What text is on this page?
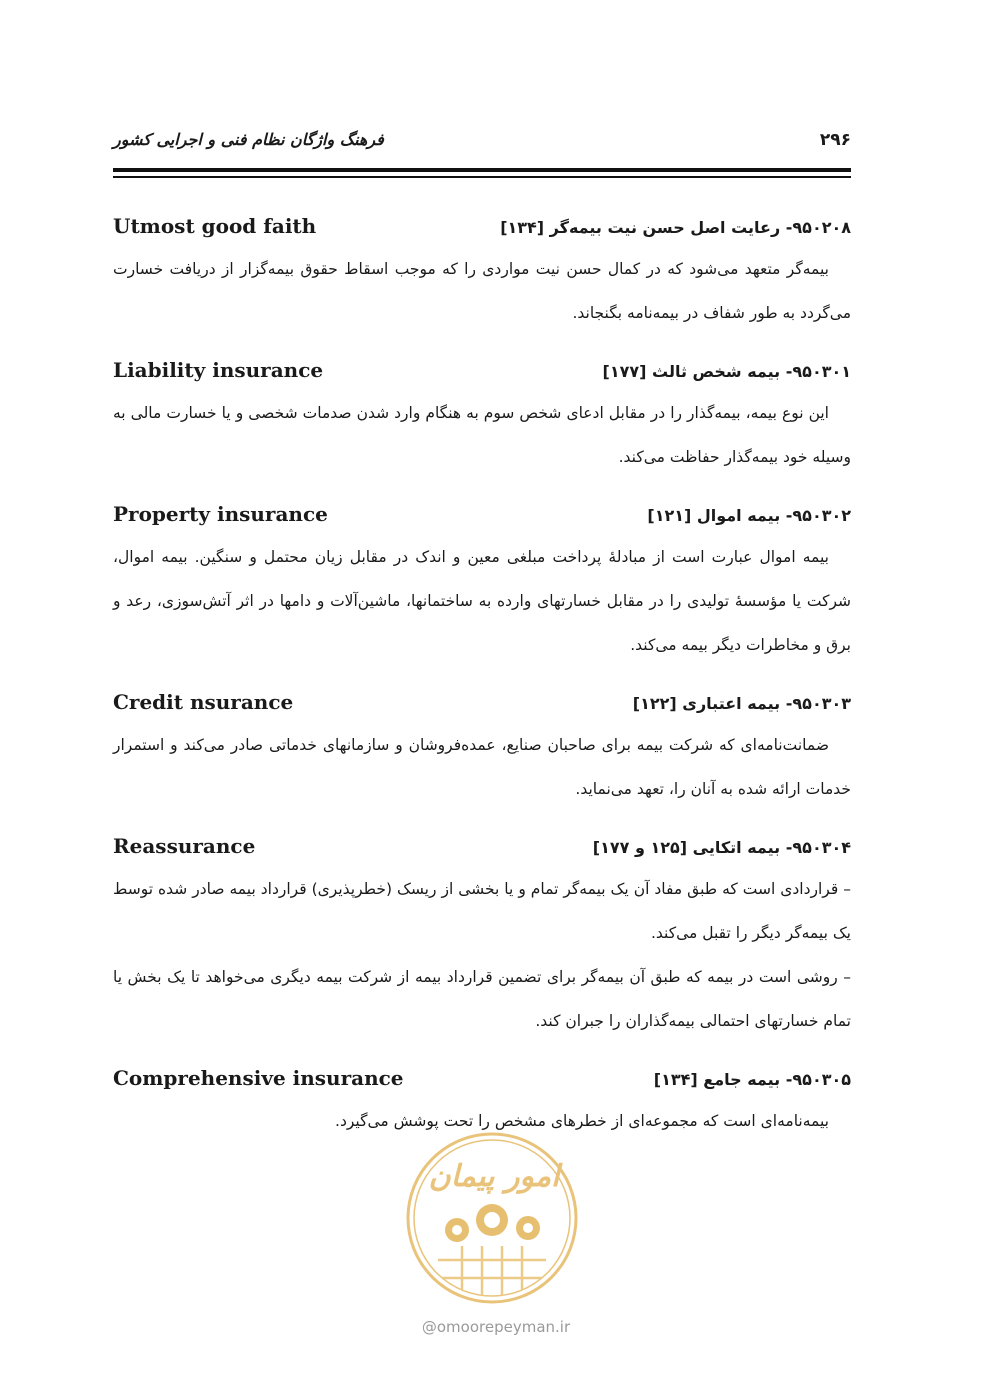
فرهنگ واژگان نظام فنی و اجرایی کشور	۲۹۶
Utmost good faith	۹۵۰۲۰۸- رعایت اصل حسن نیت بیمه‌گر [۱۳۴]

بیمه‌گر متعهد می‌شود که در کمال حسن نیت مواردی را که موجب اسقاط حقوق بیمه‌گزار از دریافت خسارت می‌گردد به طور شفاف در بیمه‌نامه بگنجاند.

Liability insurance	۹۵۰۳۰۱- بیمه شخص ثالث [۱۷۷]

این نوع بیمه، بیمه‌گذار را در مقابل ادعای شخص سوم به هنگام وارد شدن صدمات شخصی و یا خسارت مالی به وسیله خود بیمه‌گذار حفاظت می‌کند.

Property insurance	۹۵۰۳۰۲- بیمه اموال [۱۲۱]

بیمه اموال عبارت است از مبادلهٔ پرداخت مبلغی معین و اندک در مقابل زیان محتمل و سنگین. بیمه اموال، شرکت یا مؤسسهٔ تولیدی را در مقابل خسارتهای وارده به ساختمانها، ماشین‌آلات و دامها در اثر آتش‌سوزی، رعد و برق و مخاطرات دیگر بیمه می‌کند.

Credit nsurance	۹۵۰۳۰۳- بیمه اعتباری [۱۲۲]

ضمانت‌نامه‌ای که شرکت بیمه برای صاحبان صنایع، عمده‌فروشان و سازمانهای خدماتی صادر می‌کند و استمرار خدمات ارائه شده به آنان را، تعهد می‌نماید.

Reassurance	۹۵۰۳۰۴- بیمه اتکایی [۱۲۵ و ۱۷۷]

– قراردادی است که طبق مفاد آن یک بیمه‌گر تمام و یا بخشی از ریسک (خطرپذیری) قرارداد بیمه صادر شده توسط یک بیمه‌گر دیگر را تقبل می‌کند.

– روشی است در بیمه که طبق آن بیمه‌گر برای تضمین قرارداد بیمه از شرکت بیمه دیگری می‌خواهد تا یک بخش یا تمام خسارتهای احتمالی بیمه‌گذاران را جبران کند.

Comprehensive insurance	۹۵۰۳۰۵- بیمه جامع [۱۳۴]

بیمه‌نامه‌ای است که مجموعه‌ای از خطرهای مشخص را تحت پوشش می‌گیرد.

امور پیمان
@omoorepeyman.ir
